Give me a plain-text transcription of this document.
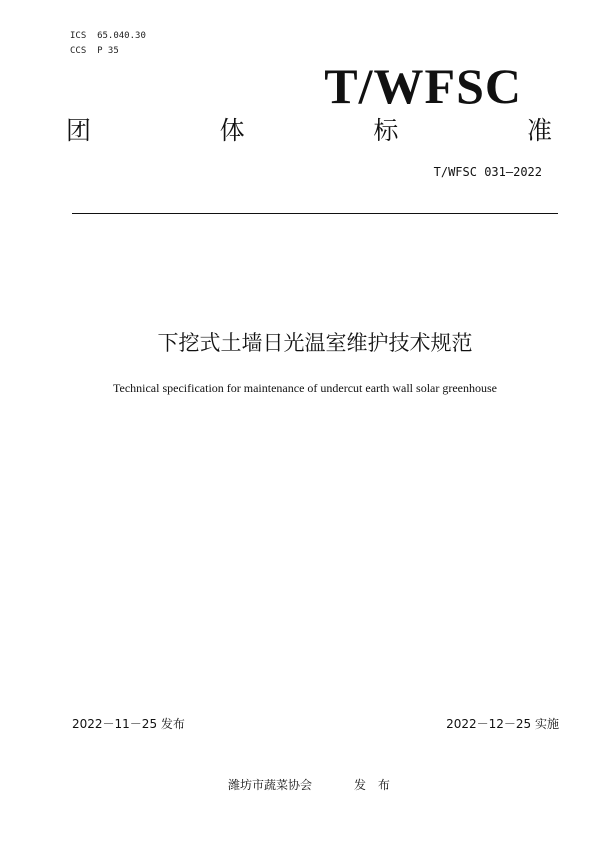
ICS  65.040.30
CCS  P 35
T/WFSC
团	体	标	准
T/WFSC 031—2022
下挖式土墙日光温室维护技术规范
Technical specification for maintenance of undercut earth wall solar greenhouse
2022－11－25 发布	2022－12－25 实施
潍坊市蔬菜协会	发 布
